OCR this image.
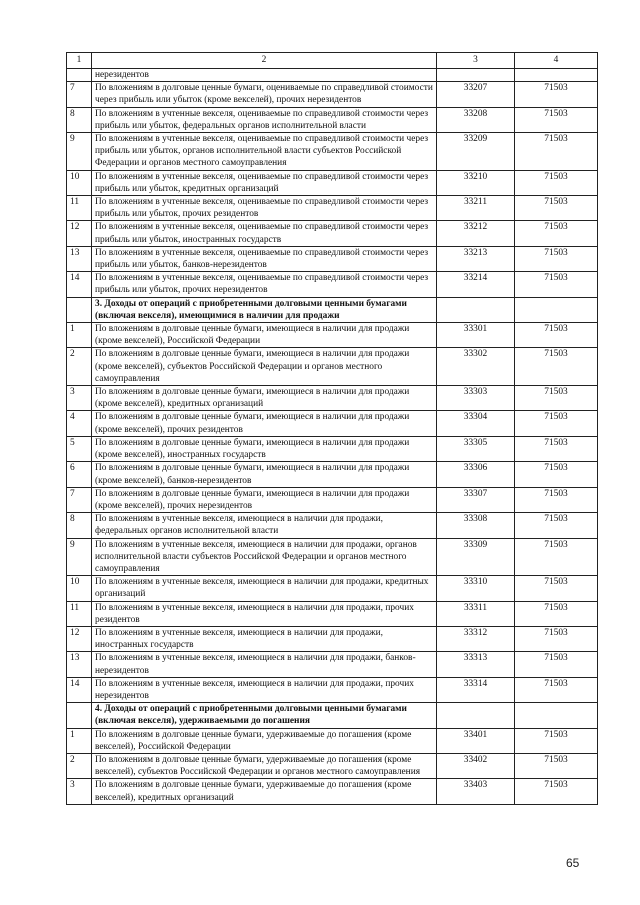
1	2	3	4
	нерезидентов		
7	По вложениям в долговые ценные бумаги, оцениваемые по справедливой стоимости через прибыль или убыток (кроме векселей), прочих нерезидентов	33207	71503
8	По вложениям в учтенные векселя, оцениваемые по справедливой стоимости через прибыль или убыток, федеральных органов исполнительной власти	33208	71503
9	По вложениям в учтенные векселя, оцениваемые по справедливой стоимости через прибыль или убыток, органов исполнительной власти субъектов Российской Федерации и органов местного самоуправления	33209	71503
10	По вложениям в учтенные векселя, оцениваемые по справедливой стоимости через прибыль или убыток, кредитных организаций	33210	71503
11	По вложениям в учтенные векселя, оцениваемые по справедливой стоимости через прибыль или убыток, прочих резидентов	33211	71503
12	По вложениям в учтенные векселя, оцениваемые по справедливой стоимости через прибыль или убыток, иностранных государств	33212	71503
13	По вложениям в учтенные векселя, оцениваемые по справедливой стоимости через прибыль или убыток, банков-нерезидентов	33213	71503
14	По вложениям в учтенные векселя, оцениваемые по справедливой стоимости через прибыль или убыток, прочих нерезидентов	33214	71503
	3. Доходы от операций с приобретенными долговыми ценными бумагами (включая векселя), имеющимися в наличии для продажи		
1	По вложениям в долговые ценные бумаги, имеющиеся в наличии для продажи (кроме векселей), Российской Федерации	33301	71503
2	По вложениям в долговые ценные бумаги, имеющиеся в наличии для продажи (кроме векселей), субъектов Российской Федерации и органов местного самоуправления	33302	71503
3	По вложениям в долговые ценные бумаги, имеющиеся в наличии для продажи (кроме векселей), кредитных организаций	33303	71503
4	По вложениям в долговые ценные бумаги, имеющиеся в наличии для продажи (кроме векселей), прочих резидентов	33304	71503
5	По вложениям в долговые ценные бумаги, имеющиеся в наличии для продажи (кроме векселей), иностранных государств	33305	71503
6	По вложениям в долговые ценные бумаги, имеющиеся в наличии для продажи (кроме векселей), банков-нерезидентов	33306	71503
7	По вложениям в долговые ценные бумаги, имеющиеся в наличии для продажи (кроме векселей), прочих нерезидентов	33307	71503
8	По вложениям в учтенные векселя, имеющиеся в наличии для продажи, федеральных органов исполнительной власти	33308	71503
9	По вложениям в учтенные векселя, имеющиеся в наличии для продажи, органов исполнительной власти субъектов Российской Федерации и органов местного самоуправления	33309	71503
10	По вложениям в учтенные векселя, имеющиеся в наличии для продажи, кредитных организаций	33310	71503
11	По вложениям в учтенные векселя, имеющиеся в наличии для продажи, прочих резидентов	33311	71503
12	По вложениям в учтенные векселя, имеющиеся в наличии для продажи, иностранных государств	33312	71503
13	По вложениям в учтенные векселя, имеющиеся в наличии для продажи, банков-нерезидентов	33313	71503
14	По вложениям в учтенные векселя, имеющиеся в наличии для продажи, прочих нерезидентов	33314	71503
	4. Доходы от операций с приобретенными долговыми ценными бумагами (включая векселя), удерживаемыми до погашения		
1	По вложениям в долговые ценные бумаги, удерживаемые до погашения (кроме векселей), Российской Федерации	33401	71503
2	По вложениям в долговые ценные бумаги, удерживаемые до погашения (кроме векселей), субъектов Российской Федерации и органов местного самоуправления	33402	71503
3	По вложениям в долговые ценные бумаги, удерживаемые до погашения (кроме векселей), кредитных организаций	33403	71503
65
